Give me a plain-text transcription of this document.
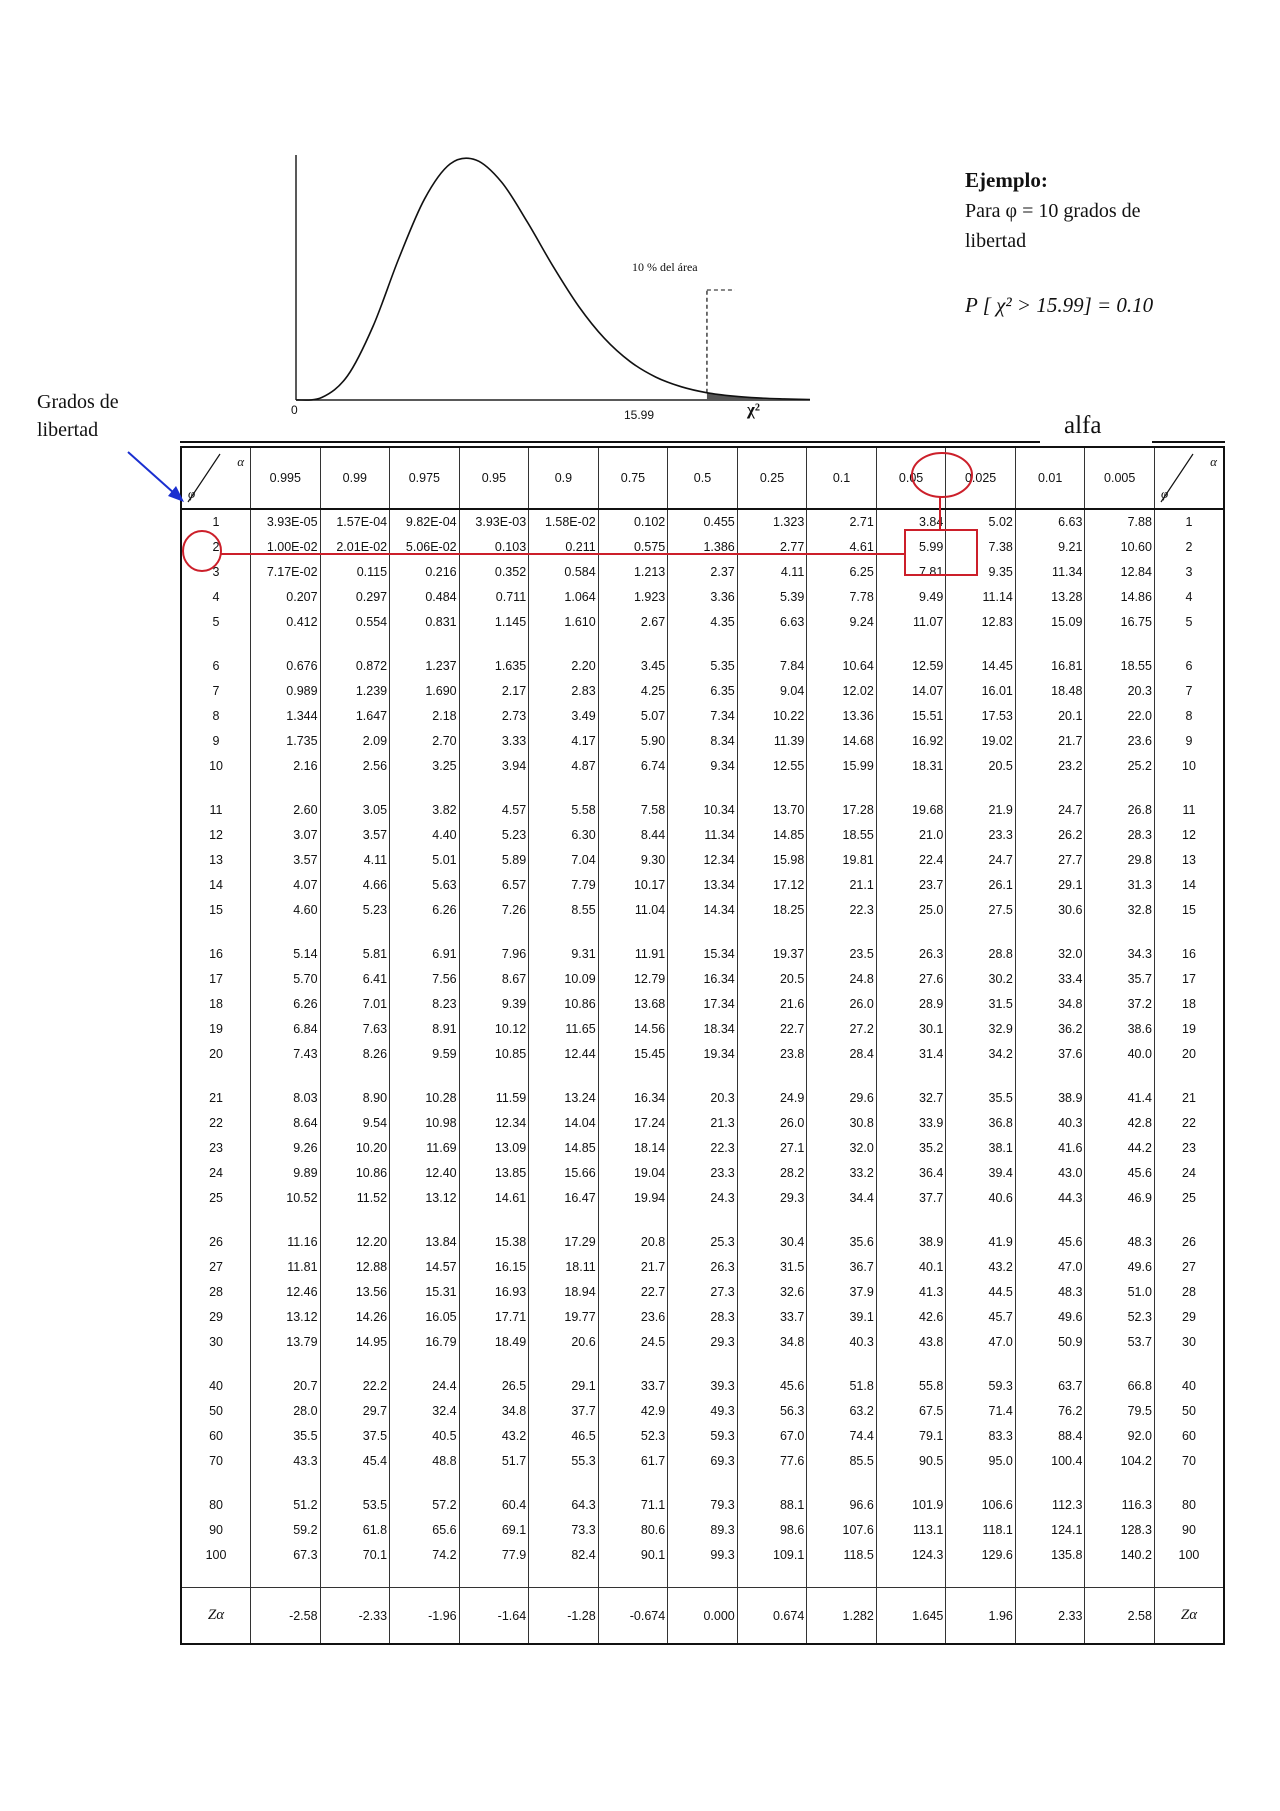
10 % del área
0	15.99	χ²
Ejemplo:
Para φ = 10 grados de
libertad
P [ χ² > 15.99] = 0.10
Grados de
libertad	alfa
α
φ	0.995	0.99	0.975	0.95	0.9	0.75	0.5	0.25	0.1	0.05	0.025	0.01	0.005	α
φ

1	3.93E-05	1.57E-04	9.82E-04	3.93E-03	1.58E-02	0.102	0.455	1.323	2.71	3.84	5.02	6.63	7.88	1
2	1.00E-02	2.01E-02	5.06E-02	0.103	0.211	0.575	1.386	2.77	4.61	5.99	7.38	9.21	10.60	2
3	7.17E-02	0.115	0.216	0.352	0.584	1.213	2.37	4.11	6.25	7.81	9.35	11.34	12.84	3
4	0.207	0.297	0.484	0.711	1.064	1.923	3.36	5.39	7.78	9.49	11.14	13.28	14.86	4
5	0.412	0.554	0.831	1.145	1.610	2.67	4.35	6.63	9.24	11.07	12.83	15.09	16.75	5

6	0.676	0.872	1.237	1.635	2.20	3.45	5.35	7.84	10.64	12.59	14.45	16.81	18.55	6
7	0.989	1.239	1.690	2.17	2.83	4.25	6.35	9.04	12.02	14.07	16.01	18.48	20.3	7
8	1.344	1.647	2.18	2.73	3.49	5.07	7.34	10.22	13.36	15.51	17.53	20.1	22.0	8
9	1.735	2.09	2.70	3.33	4.17	5.90	8.34	11.39	14.68	16.92	19.02	21.7	23.6	9
10	2.16	2.56	3.25	3.94	4.87	6.74	9.34	12.55	15.99	18.31	20.5	23.2	25.2	10

11	2.60	3.05	3.82	4.57	5.58	7.58	10.34	13.70	17.28	19.68	21.9	24.7	26.8	11
12	3.07	3.57	4.40	5.23	6.30	8.44	11.34	14.85	18.55	21.0	23.3	26.2	28.3	12
13	3.57	4.11	5.01	5.89	7.04	9.30	12.34	15.98	19.81	22.4	24.7	27.7	29.8	13
14	4.07	4.66	5.63	6.57	7.79	10.17	13.34	17.12	21.1	23.7	26.1	29.1	31.3	14
15	4.60	5.23	6.26	7.26	8.55	11.04	14.34	18.25	22.3	25.0	27.5	30.6	32.8	15

16	5.14	5.81	6.91	7.96	9.31	11.91	15.34	19.37	23.5	26.3	28.8	32.0	34.3	16
17	5.70	6.41	7.56	8.67	10.09	12.79	16.34	20.5	24.8	27.6	30.2	33.4	35.7	17
18	6.26	7.01	8.23	9.39	10.86	13.68	17.34	21.6	26.0	28.9	31.5	34.8	37.2	18
19	6.84	7.63	8.91	10.12	11.65	14.56	18.34	22.7	27.2	30.1	32.9	36.2	38.6	19
20	7.43	8.26	9.59	10.85	12.44	15.45	19.34	23.8	28.4	31.4	34.2	37.6	40.0	20

21	8.03	8.90	10.28	11.59	13.24	16.34	20.3	24.9	29.6	32.7	35.5	38.9	41.4	21
22	8.64	9.54	10.98	12.34	14.04	17.24	21.3	26.0	30.8	33.9	36.8	40.3	42.8	22
23	9.26	10.20	11.69	13.09	14.85	18.14	22.3	27.1	32.0	35.2	38.1	41.6	44.2	23
24	9.89	10.86	12.40	13.85	15.66	19.04	23.3	28.2	33.2	36.4	39.4	43.0	45.6	24
25	10.52	11.52	13.12	14.61	16.47	19.94	24.3	29.3	34.4	37.7	40.6	44.3	46.9	25

26	11.16	12.20	13.84	15.38	17.29	20.8	25.3	30.4	35.6	38.9	41.9	45.6	48.3	26
27	11.81	12.88	14.57	16.15	18.11	21.7	26.3	31.5	36.7	40.1	43.2	47.0	49.6	27
28	12.46	13.56	15.31	16.93	18.94	22.7	27.3	32.6	37.9	41.3	44.5	48.3	51.0	28
29	13.12	14.26	16.05	17.71	19.77	23.6	28.3	33.7	39.1	42.6	45.7	49.6	52.3	29
30	13.79	14.95	16.79	18.49	20.6	24.5	29.3	34.8	40.3	43.8	47.0	50.9	53.7	30

40	20.7	22.2	24.4	26.5	29.1	33.7	39.3	45.6	51.8	55.8	59.3	63.7	66.8	40
50	28.0	29.7	32.4	34.8	37.7	42.9	49.3	56.3	63.2	67.5	71.4	76.2	79.5	50
60	35.5	37.5	40.5	43.2	46.5	52.3	59.3	67.0	74.4	79.1	83.3	88.4	92.0	60
70	43.3	45.4	48.8	51.7	55.3	61.7	69.3	77.6	85.5	90.5	95.0	100.4	104.2	70

80	51.2	53.5	57.2	60.4	64.3	71.1	79.3	88.1	96.6	101.9	106.6	112.3	116.3	80
90	59.2	61.8	65.6	69.1	73.3	80.6	89.3	98.6	107.6	113.1	118.1	124.1	128.3	90
100	67.3	70.1	74.2	77.9	82.4	90.1	99.3	109.1	118.5	124.3	129.6	135.8	140.2	100

Zα	-2.58	-2.33	-1.96	-1.64	-1.28	-0.674	0.000	0.674	1.282	1.645	1.96	2.33	2.58	Zα
